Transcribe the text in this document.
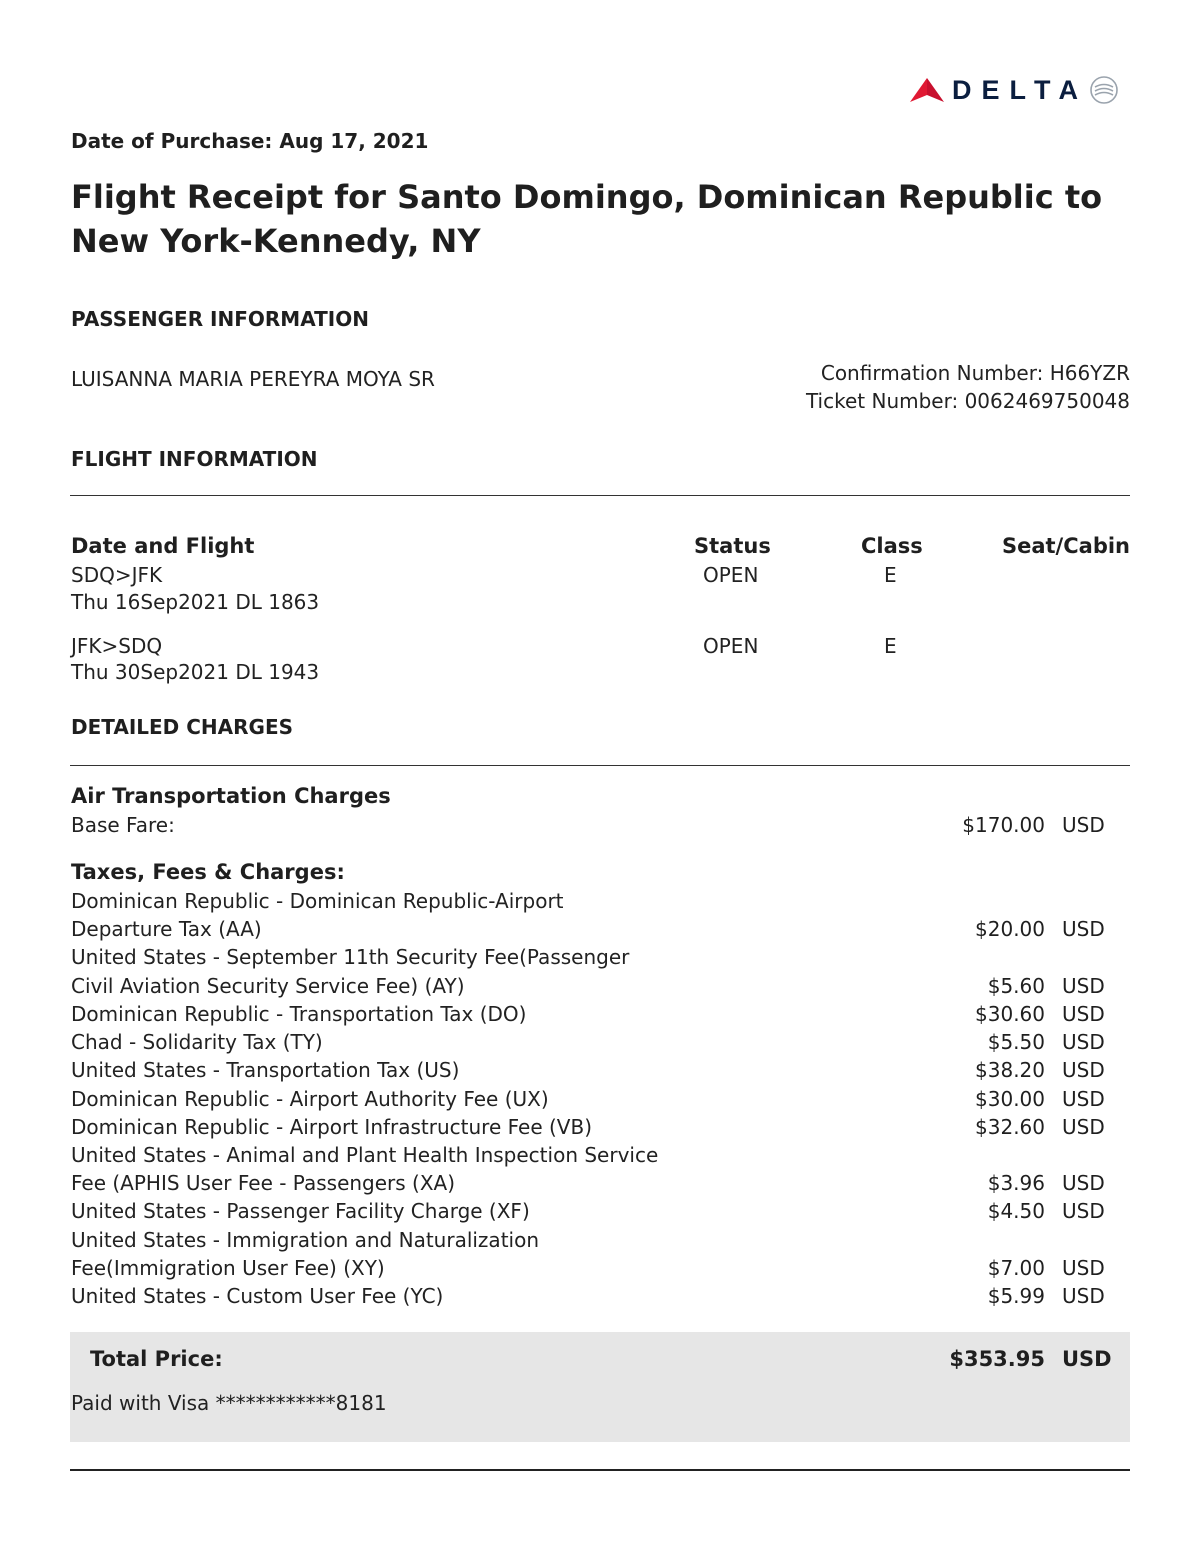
DELTA
Date of Purchase: Aug 17, 2021
Flight Receipt for Santo Domingo, Dominican Republic to
New York-Kennedy, NY
PASSENGER INFORMATION
LUISANNA MARIA PEREYRA MOYA SR	Confirmation Number: H66YZR
Ticket Number: 0062469750048
FLIGHT INFORMATION
Date and Flight	Status	Class	Seat/Cabin
SDQ>JFK
Thu 16Sep2021 DL 1863
OPEN	E
JFK>SDQ
Thu 30Sep2021 DL 1943
OPEN	E
DETAILED CHARGES
Air Transportation Charges
Base Fare:	$170.00 USD
Taxes, Fees & Charges:
Dominican Republic - Dominican Republic-Airport
Departure Tax (AA)	$20.00 USD
United States - September 11th Security Fee(Passenger
Civil Aviation Security Service Fee) (AY)	$5.60 USD
Dominican Republic - Transportation Tax (DO)	$30.60 USD
Chad - Solidarity Tax (TY)	$5.50 USD
United States - Transportation Tax (US)	$38.20 USD
Dominican Republic - Airport Authority Fee (UX)	$30.00 USD
Dominican Republic - Airport Infrastructure Fee (VB)	$32.60 USD
United States - Animal and Plant Health Inspection Service
Fee (APHIS User Fee - Passengers (XA)	$3.96 USD
United States - Passenger Facility Charge (XF)	$4.50 USD
United States - Immigration and Naturalization
Fee(Immigration User Fee) (XY)	$7.00 USD
United States - Custom User Fee (YC)	$5.99 USD
Total Price:	$353.95 USD
Paid with Visa ************8181
